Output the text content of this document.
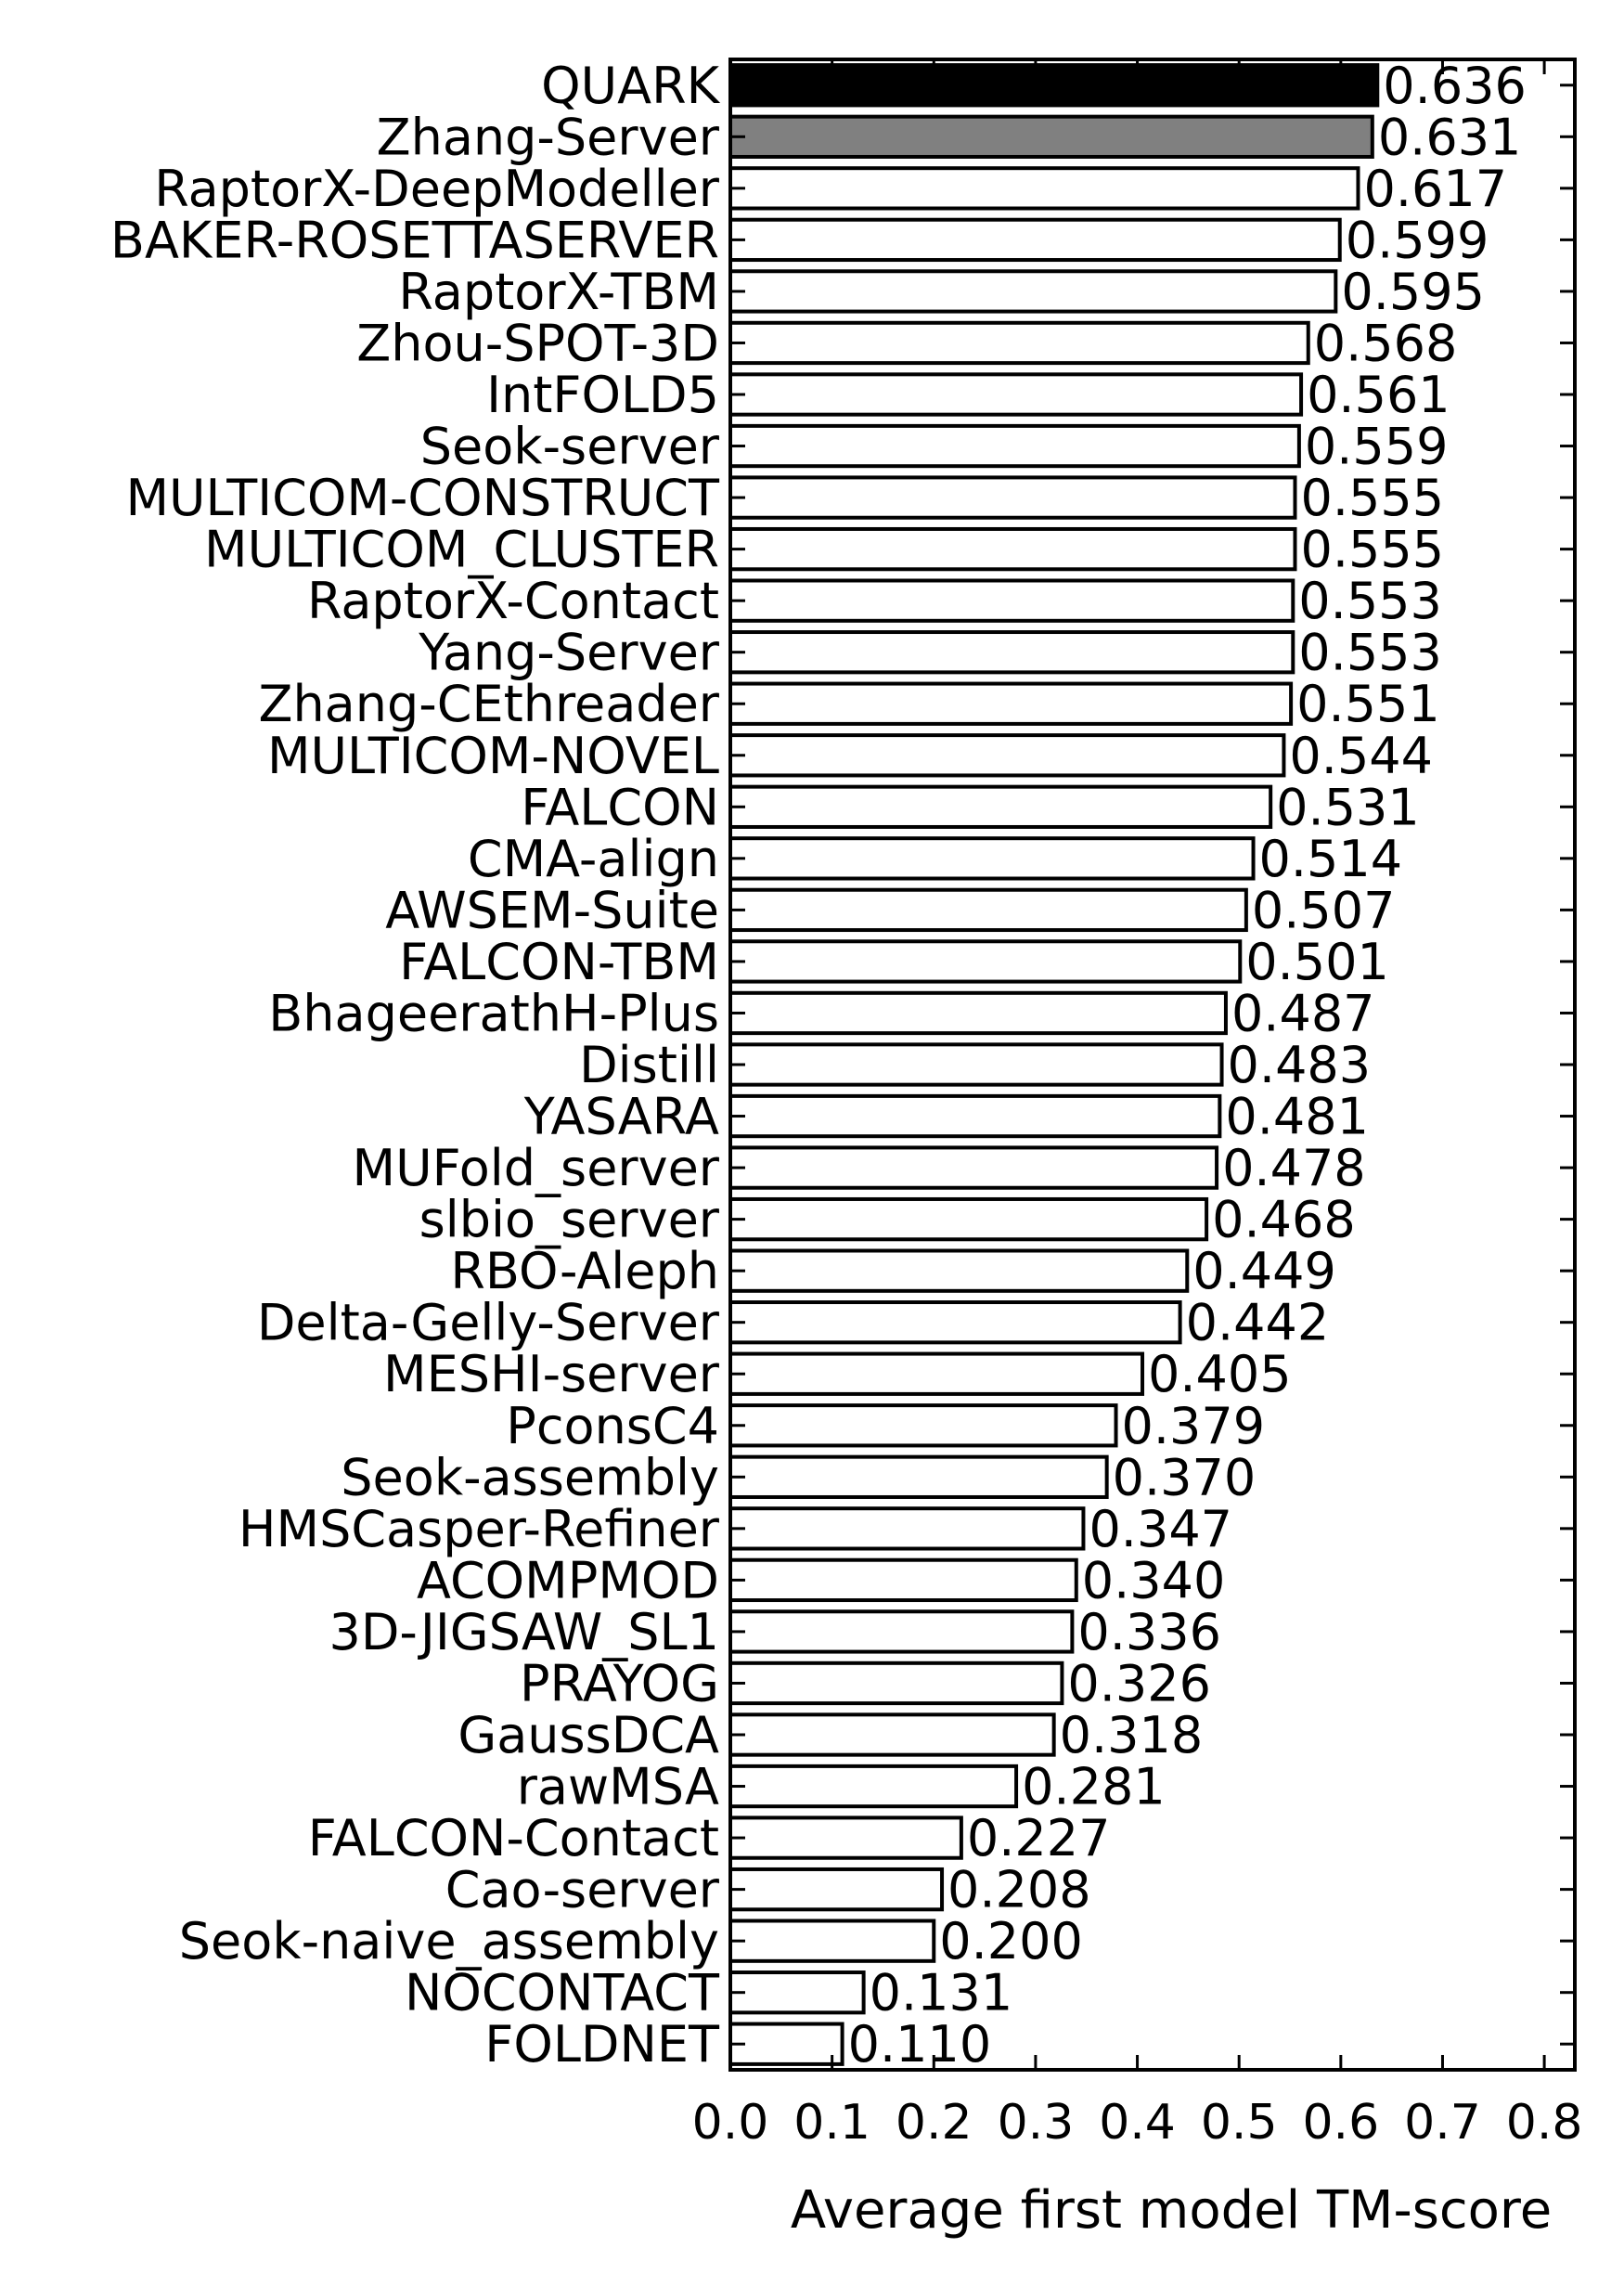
QUARK
Zhang-Server
RaptorX-DeepModeller
BAKER-ROSETTASERVER
RaptorX-TBM
Zhou-SPOT-3D
IntFOLD5
Seok-server
MULTICOM-CONSTRUCT
MULTICOM_CLUSTER
RaptorX-Contact
Yang-Server
Zhang-CEthreader
MULTICOM-NOVEL
FALCON
CMA-align
AWSEM-Suite
FALCON-TBM
BhageerathH-Plus
Distill
YASARA
MUFold_server
slbio_server
RBO-Aleph
Delta-Gelly-Server
MESHI-server
PconsC4
Seok-assembly
HMSCasper-Refiner
ACOMPMOD
3D-JIGSAW_SL1
PRAYOG
GaussDCA
rawMSA
FALCON-Contact
Cao-server
Seok-naive_assembly
NOCONTACT
FOLDNET
0.636
0.631
0.617
0.599
0.595
0.568
0.561
0.559
0.555
0.555
0.553
0.553
0.551
0.544
0.531
0.514
0.507
0.501
0.487
0.483
0.481
0.478
0.468
0.449
0.442
0.405
0.379
0.370
0.347
0.340
0.336
0.326
0.318
0.281
0.227
0.208
0.200
0.131
0.110
0.0 0.1 0.2 0.3 0.4 0.5 0.6 0.7 0.8
Average first model TM-score
